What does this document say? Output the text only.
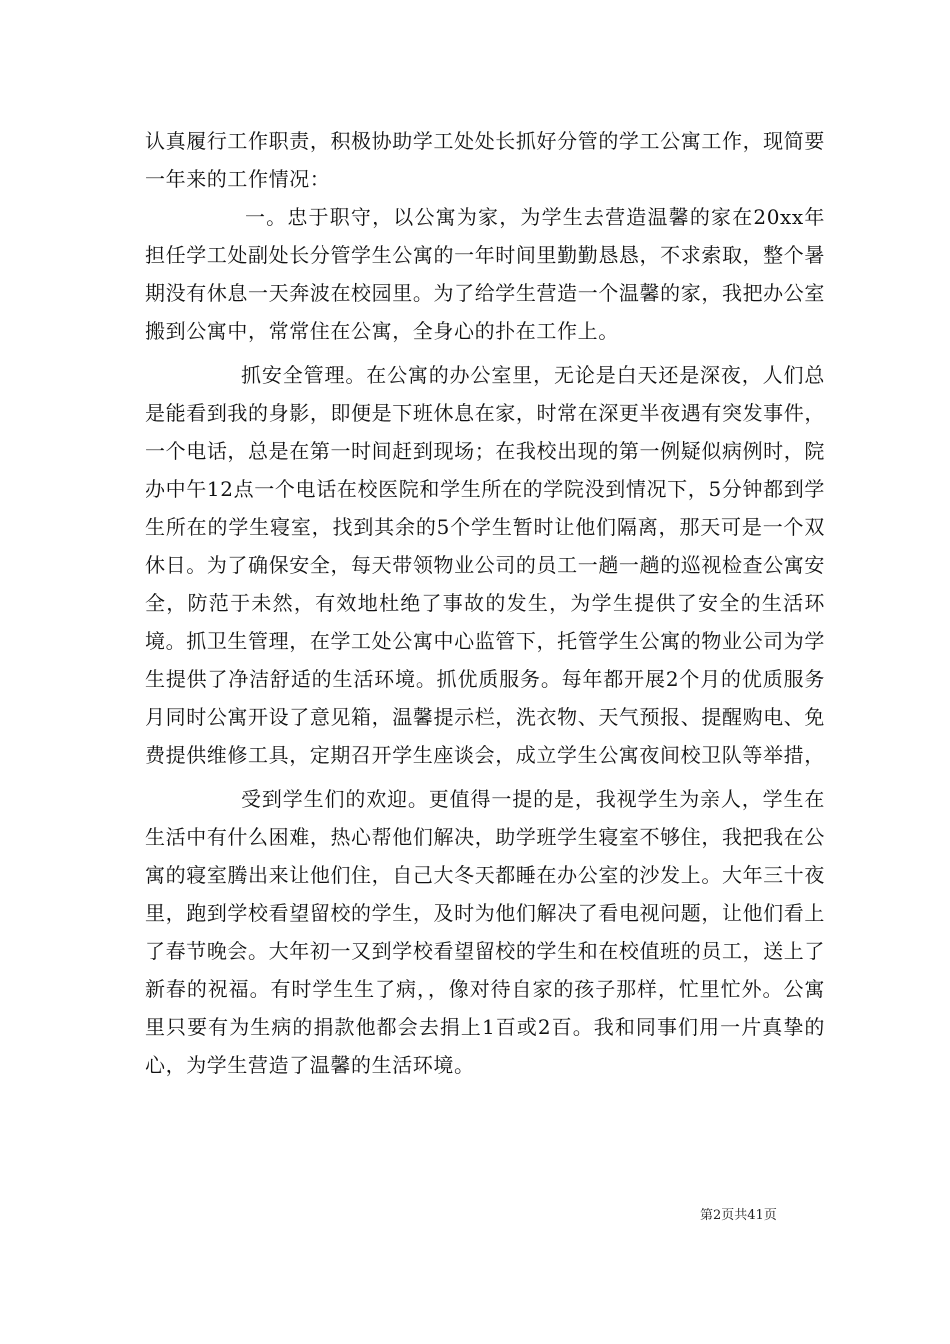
认真履行工作职责，积极协助学工处处长抓好分管的学工公寓工作，现简要一年来的工作情况：

一。忠于职守，以公寓为家，为学生去营造温馨的家在20xx年担任学工处副处长分管学生公寓的一年时间里勤勤恳恳，不求索取，整个暑期没有休息一天奔波在校园里。为了给学生营造一个温馨的家，我把办公室搬到公寓中，常常住在公寓，全身心的扑在工作上。

抓安全管理。在公寓的办公室里，无论是白天还是深夜，人们总是能看到我的身影，即便是下班休息在家，时常在深更半夜遇有突发事件，一个电话，总是在第一时间赶到现场；在我校出现的第一例疑似病例时，院办中午12点一个电话在校医院和学生所在的学院没到情况下，5分钟都到学生所在的学生寝室，找到其余的5个学生暂时让他们隔离，那天可是一个双休日。为了确保安全，每天带领物业公司的员工一趟一趟的巡视检查公寓安全，防范于未然，有效地杜绝了事故的发生，为学生提供了安全的生活环境。抓卫生管理，在学工处公寓中心监管下，托管学生公寓的物业公司为学生提供了净洁舒适的生活环境。抓优质服务。每年都开展2个月的优质服务月同时公寓开设了意见箱，温馨提示栏，洗衣物、天气预报、提醒购电、免费提供维修工具，定期召开学生座谈会，成立学生公寓夜间校卫队等举措，

受到学生们的欢迎。更值得一提的是，我视学生为亲人，学生在生活中有什么困难，热心帮他们解决，助学班学生寝室不够住，我把我在公寓的寝室腾出来让他们住，自己大冬天都睡在办公室的沙发上。大年三十夜里，跑到学校看望留校的学生，及时为他们解决了看电视问题，让他们看上了春节晚会。大年初一又到学校看望留校的学生和在校值班的员工，送上了新春的祝福。有时学生生了病，，像对待自家的孩子那样，忙里忙外。公寓里只要有为生病的捐款他都会去捐上1百或2百。我和同事们用一片真挚的心，为学生营造了温馨的生活环境。

第2页共41页
